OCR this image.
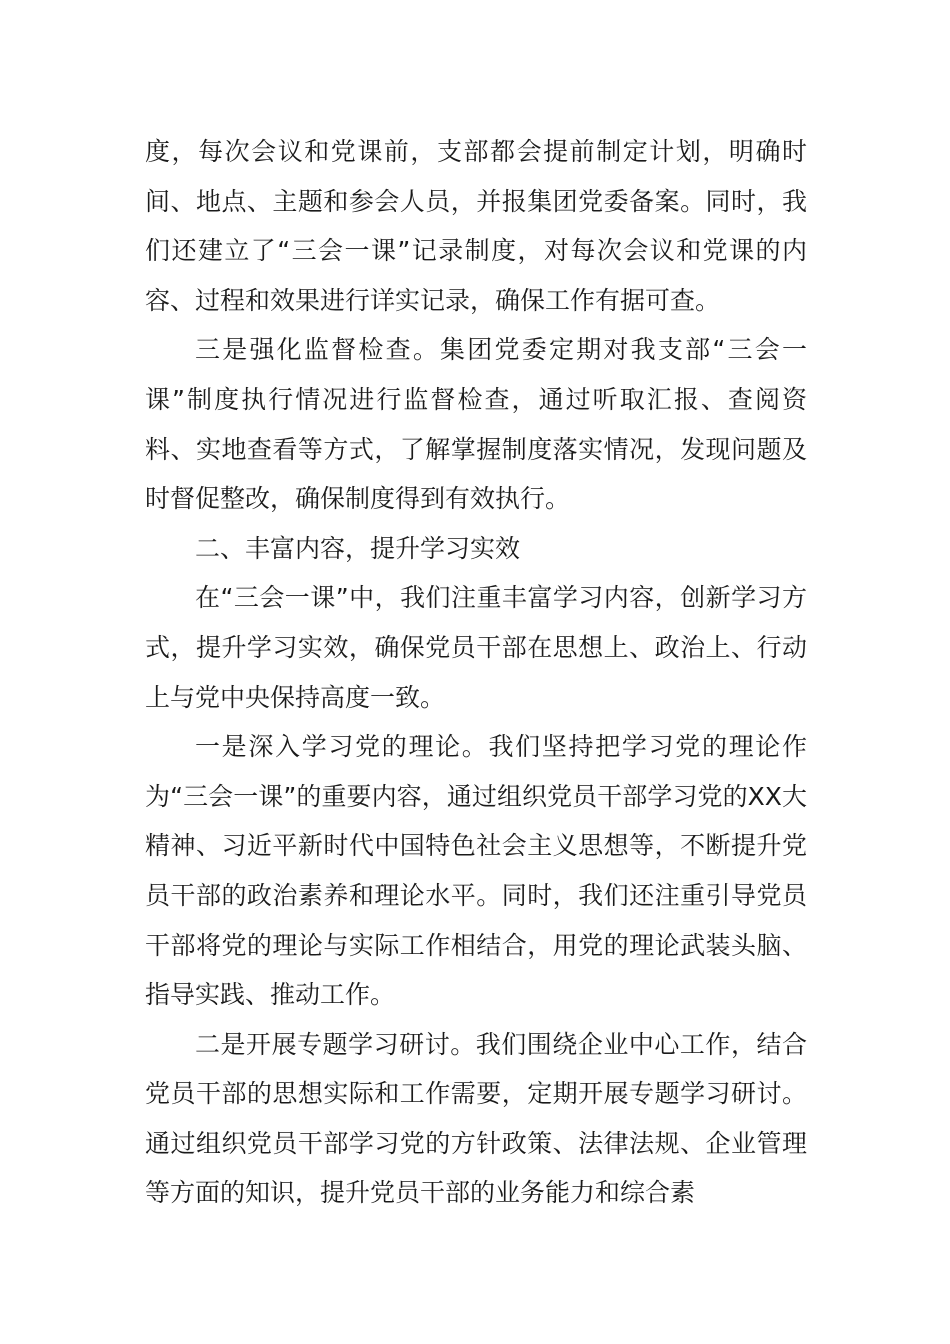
度，每次会议和党课前，支部都会提前制定计划，明确时间、地点、主题和参会人员，并报集团党委备案。同时，我们还建立了“三会一课”记录制度，对每次会议和党课的内容、过程和效果进行详实记录，确保工作有据可查。

三是强化监督检查。集团党委定期对我支部“三会一课”制度执行情况进行监督检查，通过听取汇报、查阅资料、实地查看等方式，了解掌握制度落实情况，发现问题及时督促整改，确保制度得到有效执行。

二、丰富内容，提升学习实效

在“三会一课”中，我们注重丰富学习内容，创新学习方式，提升学习实效，确保党员干部在思想上、政治上、行动上与党中央保持高度一致。

一是深入学习党的理论。我们坚持把学习党的理论作为“三会一课”的重要内容，通过组织党员干部学习党的XX大精神、习近平新时代中国特色社会主义思想等，不断提升党员干部的政治素养和理论水平。同时，我们还注重引导党员干部将党的理论与实际工作相结合，用党的理论武装头脑、指导实践、推动工作。

二是开展专题学习研讨。我们围绕企业中心工作，结合党员干部的思想实际和工作需要，定期开展专题学习研讨。通过组织党员干部学习党的方针政策、法律法规、企业管理等方面的知识，提升党员干部的业务能力和综合素
